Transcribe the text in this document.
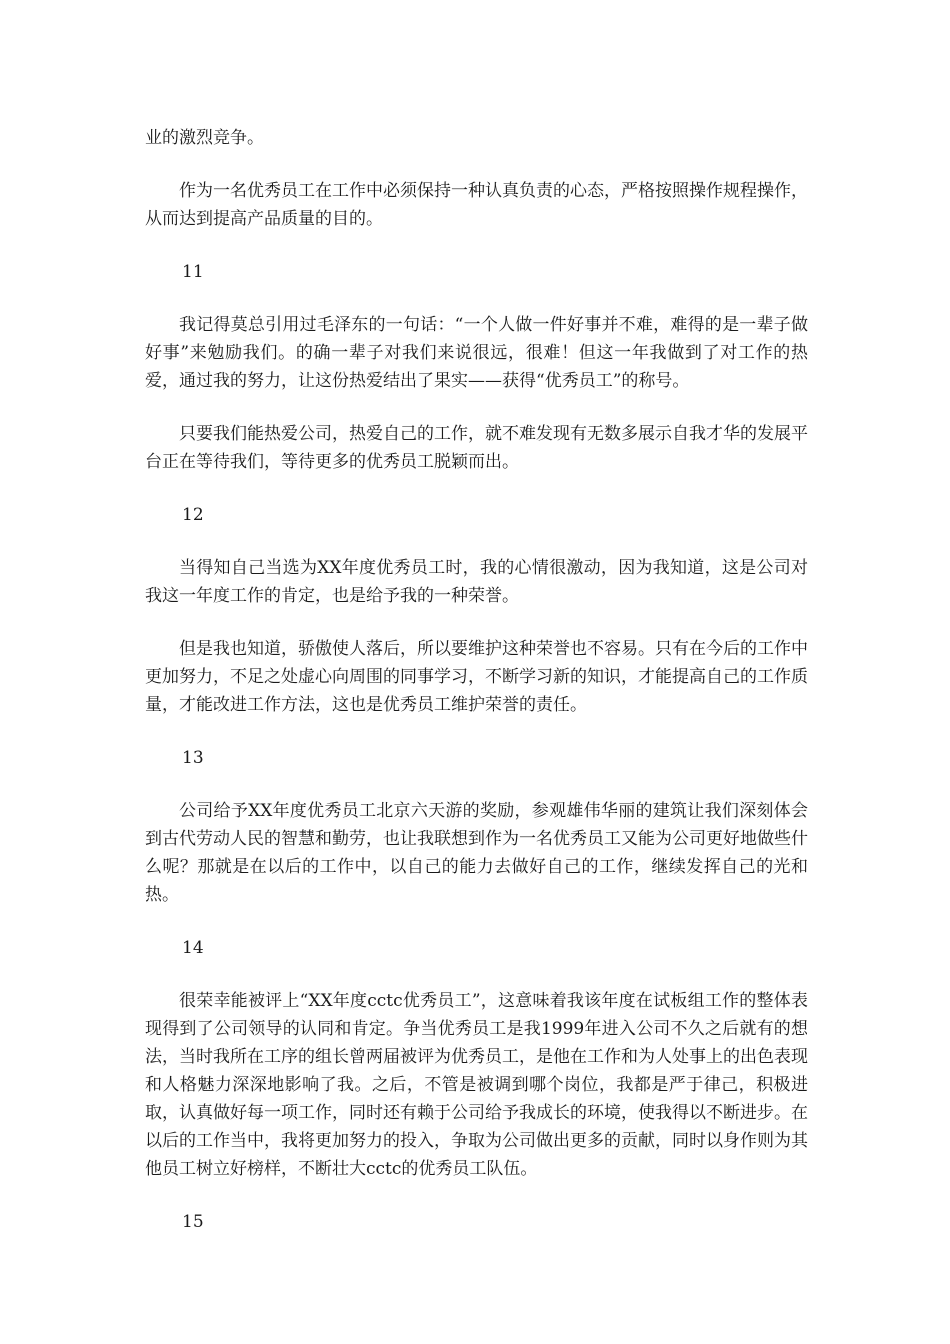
业的激烈竞争。

作为一名优秀员工在工作中必须保持一种认真负责的心态，严格按照操作规程操作，从而达到提高产品质量的目的。

11

我记得莫总引用过毛泽东的一句话：“一个人做一件好事并不难，难得的是一辈子做好事”来勉励我们。的确一辈子对我们来说很远，很难！但这一年我做到了对工作的热爱，通过我的努力，让这份热爱结出了果实——获得“优秀员工”的称号。

只要我们能热爱公司，热爱自己的工作，就不难发现有无数多展示自我才华的发展平台正在等待我们，等待更多的优秀员工脱颖而出。

12

当得知自己当选为XX年度优秀员工时，我的心情很激动，因为我知道，这是公司对我这一年度工作的肯定，也是给予我的一种荣誉。

但是我也知道，骄傲使人落后，所以要维护这种荣誉也不容易。只有在今后的工作中更加努力，不足之处虚心向周围的同事学习，不断学习新的知识，才能提高自己的工作质量，才能改进工作方法，这也是优秀员工维护荣誉的责任。

13

公司给予XX年度优秀员工北京六天游的奖励，参观雄伟华丽的建筑让我们深刻体会到古代劳动人民的智慧和勤劳，也让我联想到作为一名优秀员工又能为公司更好地做些什么呢？那就是在以后的工作中，以自己的能力去做好自己的工作，继续发挥自己的光和热。

14

很荣幸能被评上“XX年度cctc优秀员工”，这意味着我该年度在试板组工作的整体表现得到了公司领导的认同和肯定。争当优秀员工是我1999年进入公司不久之后就有的想法，当时我所在工序的组长曾两届被评为优秀员工，是他在工作和为人处事上的出色表现和人格魅力深深地影响了我。之后，不管是被调到哪个岗位，我都是严于律己，积极进取，认真做好每一项工作，同时还有赖于公司给予我成长的环境，使我得以不断进步。在以后的工作当中，我将更加努力的投入，争取为公司做出更多的贡献，同时以身作则为其他员工树立好榜样，不断壮大cctc的优秀员工队伍。

15
